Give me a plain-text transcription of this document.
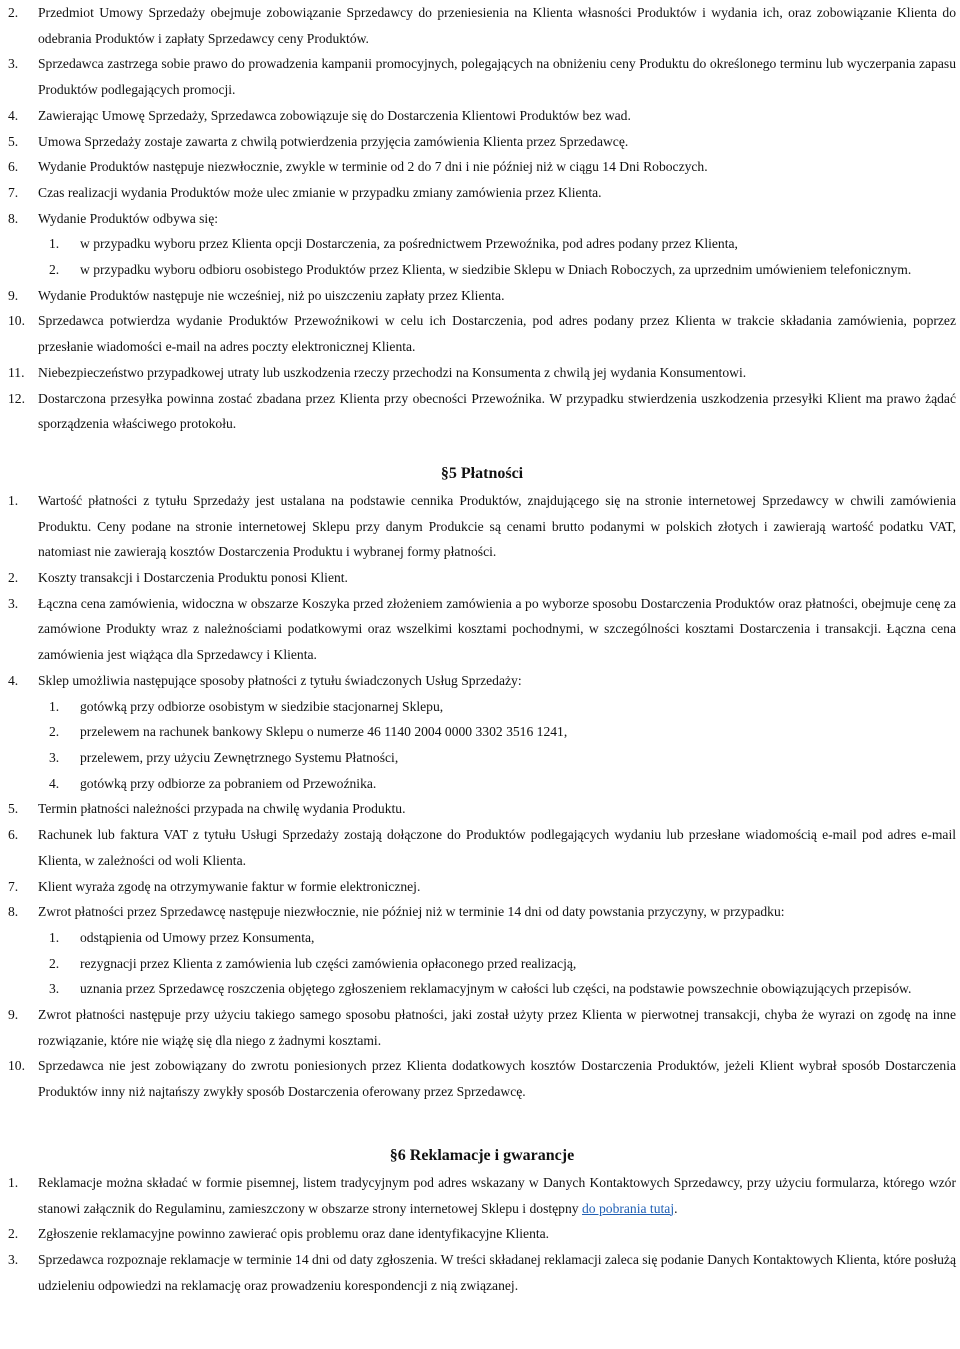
2. Przedmiot Umowy Sprzedaży obejmuje zobowiązanie Sprzedawcy do przeniesienia na Klienta własności Produktów i wydania ich, oraz zobowiązanie Klienta do odebrania Produktów i zapłaty Sprzedawcy ceny Produktów.
3. Sprzedawca zastrzega sobie prawo do prowadzenia kampanii promocyjnych, polegających na obniżeniu ceny Produktu do określonego terminu lub wyczerpania zapasu Produktów podlegających promocji.
4. Zawierając Umowę Sprzedaży, Sprzedawca zobowiązuje się do Dostarczenia Klientowi Produktów bez wad.
5. Umowa Sprzedaży zostaje zawarta z chwilą potwierdzenia przyjęcia zamówienia Klienta przez Sprzedawcę.
6. Wydanie Produktów następuje niezwłocznie, zwykle w terminie od 2 do 7 dni i nie później niż w ciągu 14 Dni Roboczych.
7. Czas realizacji wydania Produktów może ulec zmianie w przypadku zmiany zamówienia przez Klienta.
8. Wydanie Produktów odbywa się:
1. w przypadku wyboru przez Klienta opcji Dostarczenia, za pośrednictwem Przewoźnika, pod adres podany przez Klienta,
2. w przypadku wyboru odbioru osobistego Produktów przez Klienta, w siedzibie Sklepu w Dniach Roboczych, za uprzednim umówieniem telefonicznym.
9. Wydanie Produktów następuje nie wcześniej, niż po uiszczeniu zapłaty przez Klienta.
10. Sprzedawca potwierdza wydanie Produktów Przewoźnikowi w celu ich Dostarczenia, pod adres podany przez Klienta w trakcie składania zamówienia, poprzez przesłanie wiadomości e-mail na adres poczty elektronicznej Klienta.
11. Niebezpieczeństwo przypadkowej utraty lub uszkodzenia rzeczy przechodzi na Konsumenta z chwilą jej wydania Konsumentowi.
12. Dostarczona przesyłka powinna zostać zbadana przez Klienta przy obecności Przewoźnika. W przypadku stwierdzenia uszkodzenia przesyłki Klient ma prawo żądać sporządzenia właściwego protokołu.
§5 Płatności
1. Wartość płatności z tytułu Sprzedaży jest ustalana na podstawie cennika Produktów, znajdującego się na stronie internetowej Sprzedawcy w chwili zamówienia Produktu. Ceny podane na stronie internetowej Sklepu przy danym Produkcie są cenami brutto podanymi w polskich złotych i zawierają wartość podatku VAT, natomiast nie zawierają kosztów Dostarczenia Produktu i wybranej formy płatności.
2. Koszty transakcji i Dostarczenia Produktu ponosi Klient.
3. Łączna cena zamówienia, widoczna w obszarze Koszyka przed złożeniem zamówienia a po wyborze sposobu Dostarczenia Produktów oraz płatności, obejmuje cenę za zamówione Produkty wraz z należnościami podatkowymi oraz wszelkimi kosztami pochodnymi, w szczególności kosztami Dostarczenia i transakcji. Łączna cena zamówienia jest wiążąca dla Sprzedawcy i Klienta.
4. Sklep umożliwia następujące sposoby płatności z tytułu świadczonych Usług Sprzedaży:
1. gotówką przy odbiorze osobistym w siedzibie stacjonarnej Sklepu,
2. przelewem na rachunek bankowy Sklepu o numerze 46 1140 2004 0000 3302 3516 1241,
3. przelewem, przy użyciu Zewnętrznego Systemu Płatności,
4. gotówką przy odbiorze za pobraniem od Przewoźnika.
5. Termin płatności należności przypada na chwilę wydania Produktu.
6. Rachunek lub faktura VAT z tytułu Usługi Sprzedaży zostają dołączone do Produktów podlegających wydaniu lub przesłane wiadomością e-mail pod adres e-mail Klienta, w zależności od woli Klienta.
7. Klient wyraża zgodę na otrzymywanie faktur w formie elektronicznej.
8. Zwrot płatności przez Sprzedawcę następuje niezwłocznie, nie później niż w terminie 14 dni od daty powstania przyczyny, w przypadku:
1. odstąpienia od Umowy przez Konsumenta,
2. rezygnacji przez Klienta z zamówienia lub części zamówienia opłaconego przed realizacją,
3. uznania przez Sprzedawcę roszczenia objętego zgłoszeniem reklamacyjnym w całości lub części, na podstawie powszechnie obowiązujących przepisów.
9. Zwrot płatności następuje przy użyciu takiego samego sposobu płatności, jaki został użyty przez Klienta w pierwotnej transakcji, chyba że wyrazi on zgodę na inne rozwiązanie, które nie wiążę się dla niego z żadnymi kosztami.
10. Sprzedawca nie jest zobowiązany do zwrotu poniesionych przez Klienta dodatkowych kosztów Dostarczenia Produktów, jeżeli Klient wybrał sposób Dostarczenia Produktów inny niż najtańszy zwykły sposób Dostarczenia oferowany przez Sprzedawcę.
§6 Reklamacje i gwarancje
1. Reklamacje można składać w formie pisemnej, listem tradycyjnym pod adres wskazany w Danych Kontaktowych Sprzedawcy, przy użyciu formularza, którego wzór stanowi załącznik do Regulaminu, zamieszczony w obszarze strony internetowej Sklepu i dostępny do pobrania tutaj.
2. Zgłoszenie reklamacyjne powinno zawierać opis problemu oraz dane identyfikacyjne Klienta.
3. Sprzedawca rozpoznaje reklamacje w terminie 14 dni od daty zgłoszenia. W treści składanej reklamacji zaleca się podanie Danych Kontaktowych Klienta, które posłużą udzieleniu odpowiedzi na reklamację oraz prowadzeniu korespondencji z nią związanej.
